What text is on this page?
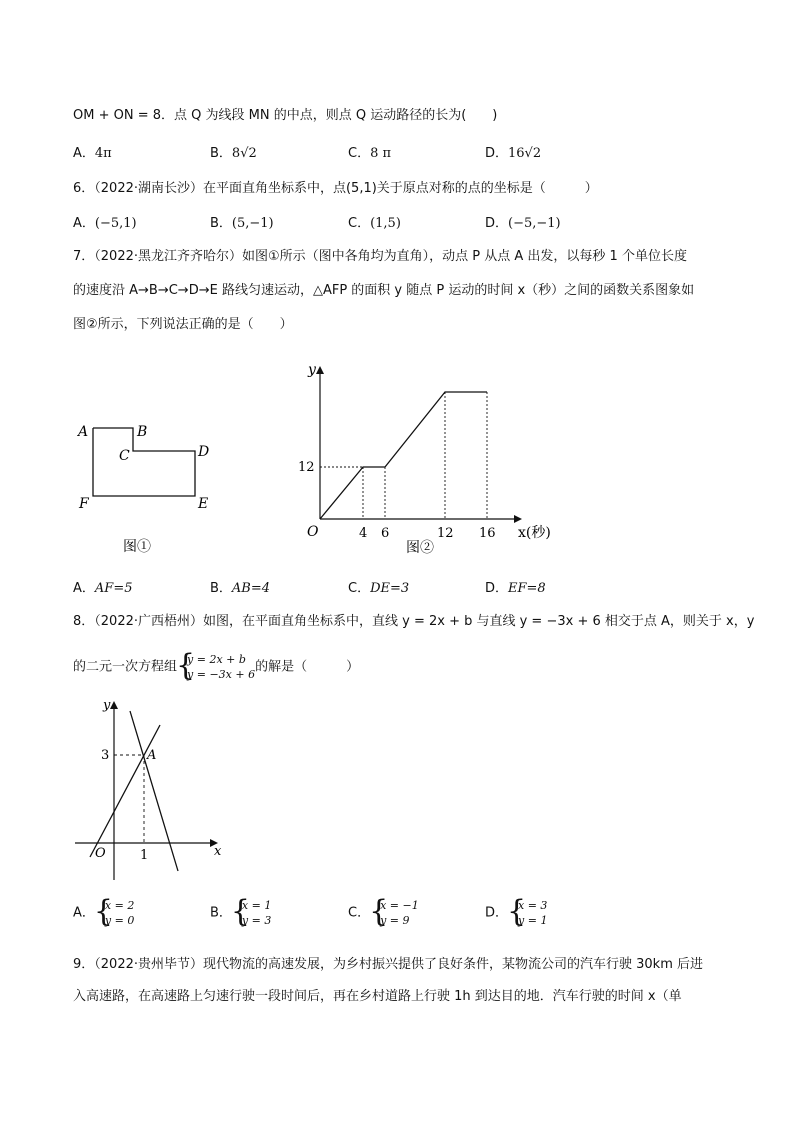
OM + ON = 8．点 Q 为线段 MN 的中点，则点 Q 运动路径的长为(　　)
A．4π	B．8√2	C．8 π	D．16√2
6．（2022·湖南长沙）在平面直角坐标系中，点(5,1)关于原点对称的点的坐标是（　　　）
A．(−5,1)	B．(5,−1)	C．(1,5)	D．(−5,−1)
7．（2022·黑龙江齐齐哈尔）如图①所示（图中各角均为直角），动点 P 从点 A 出发，以每秒 1 个单位长度
的速度沿 A→B→C→D→E 路线匀速运动，△AFP 的面积 y 随点 P 运动的时间 x（秒）之间的函数关系图象如
图②所示，下列说法正确的是（　　）
A	B
C	D
E
F
图①
y
O
12
4 6	12 16 x(秒)
图②
A．AF=5	B．AB=4	C．DE=3	D．EF=8
8．（2022·广西梧州）如图，在平面直角坐标系中，直线 y = 2x + b 与直线 y = −3x + 6 相交于点 A，则关于 x，y
的二元一次方程组 { y = 2x + b
y = −3x + 6的解是（　　　）
y
3	A
O	1	x
A． { x = 2
y = 0	B． { x = 1
y = 3	C． { x = −1
y = 9	D． { x = 3
y = 1
9．（2022·贵州毕节）现代物流的高速发展，为乡村振兴提供了良好条件，某物流公司的汽车行驶 30km 后进
入高速路，在高速路上匀速行驶一段时间后，再在乡村道路上行驶 1h 到达目的地．汽车行驶的时间 x（单
